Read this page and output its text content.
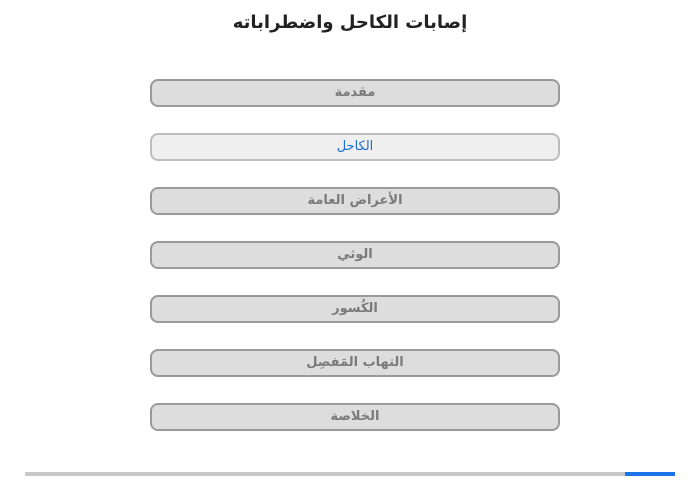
إصابات الكاحل واضطراباته
مقدمة
الكاحل
الأعراض العامة
الوثي
الكُسور
التهاب المَفصِل
الخلاصة
